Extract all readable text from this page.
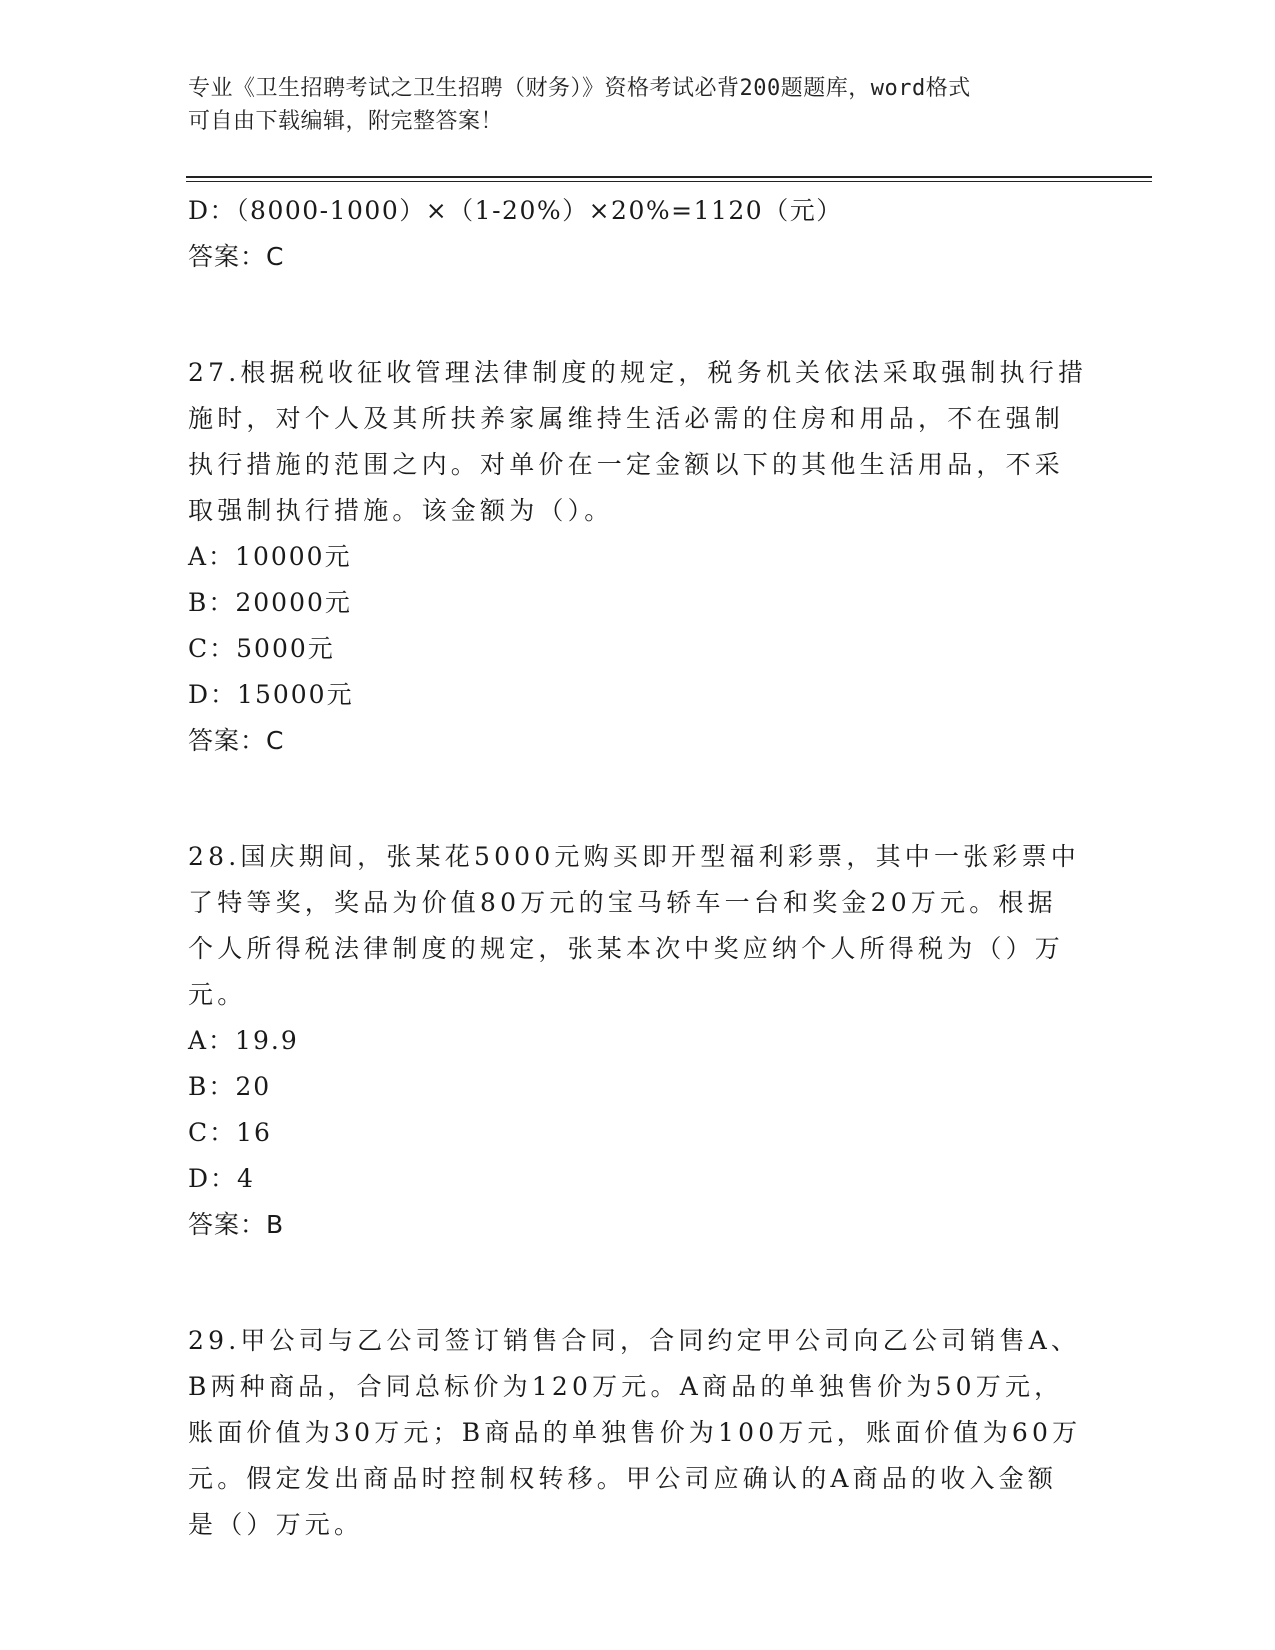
专业《卫生招聘考试之卫生招聘（财务）》资格考试必背200题题库，word格式
可自由下载编辑，附完整答案！
D：（8000-1000）×（1-20%）×20%=1120（元）
答案：C
27.根据税收征收管理法律制度的规定，税务机关依法采取强制执行措
施时，对个人及其所扶养家属维持生活必需的住房和用品，不在强制
执行措施的范围之内。对单价在一定金额以下的其他生活用品，不采
取强制执行措施。该金额为（）。
A：10000元
B：20000元
C：5000元
D：15000元
答案：C
28.国庆期间，张某花5000元购买即开型福利彩票，其中一张彩票中
了特等奖，奖品为价值80万元的宝马轿车一台和奖金20万元。根据
个人所得税法律制度的规定，张某本次中奖应纳个人所得税为（）万
元。
A：19.9
B：20
C：16
D：4
答案：B
29.甲公司与乙公司签订销售合同，合同约定甲公司向乙公司销售A、
B两种商品，合同总标价为120万元。A商品的单独售价为50万元，
账面价值为30万元；B商品的单独售价为100万元，账面价值为60万
元。假定发出商品时控制权转移。甲公司应确认的A商品的收入金额
是（）万元。
